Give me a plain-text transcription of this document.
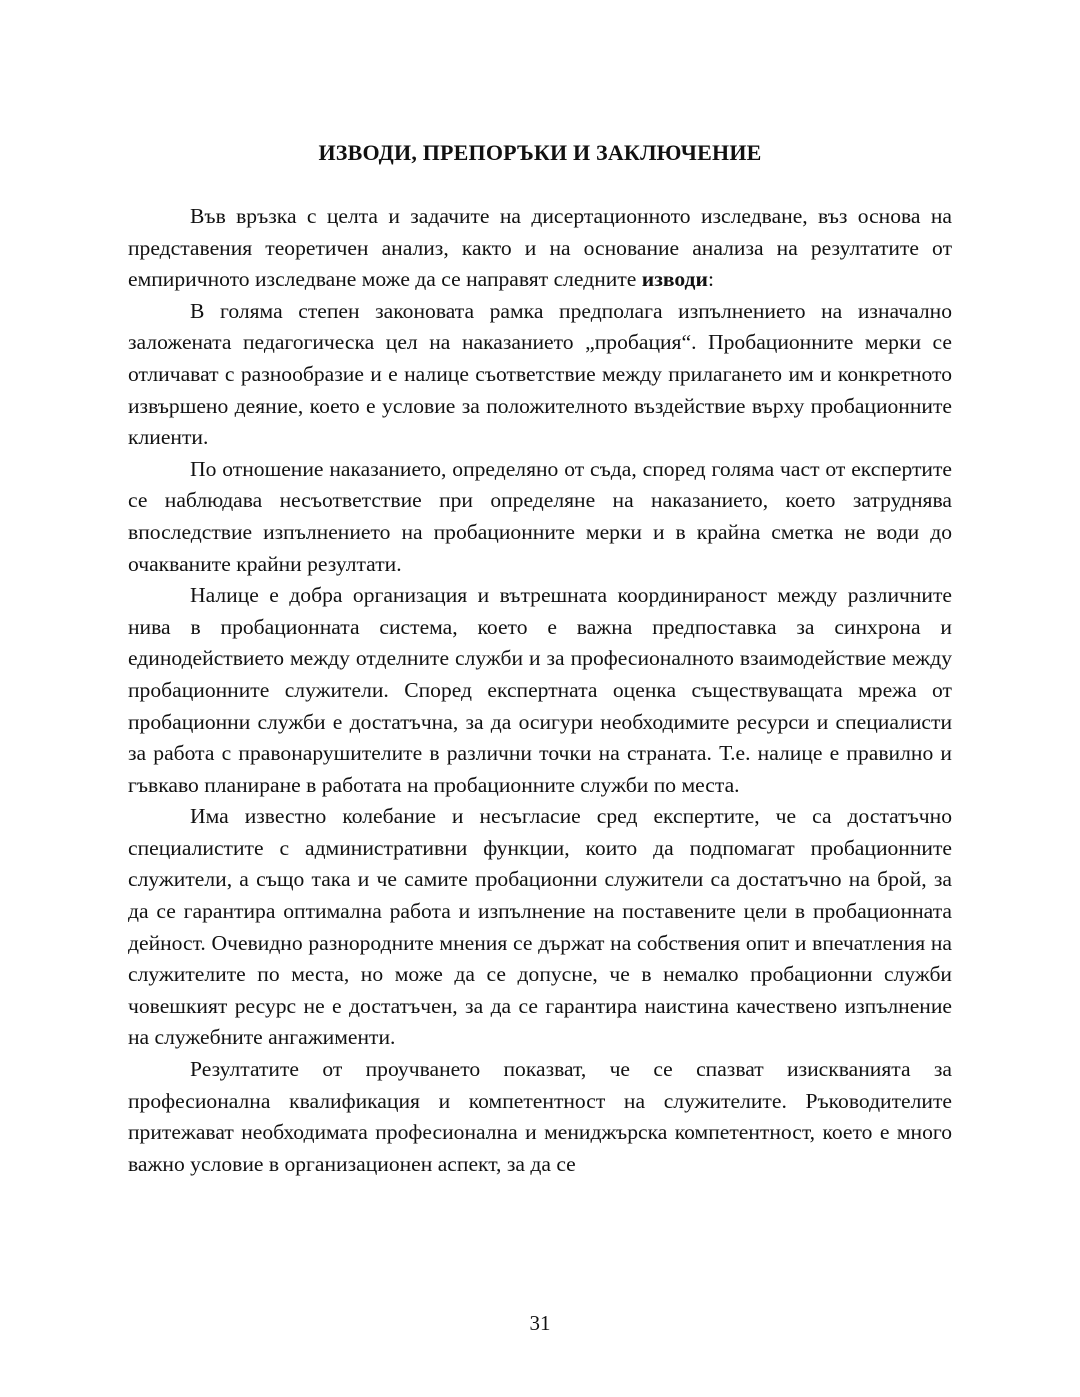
ИЗВОДИ, ПРЕПОРЪКИ И ЗАКЛЮЧЕНИЕ

Във връзка с целта и задачите на дисертационното изследване, въз основа на представения теоретичен анализ, както и на основание анализа на резултатите от емпиричното изследване може да се направят следните изводи:

В голяма степен законовата рамка предполага изпълнението на изначално заложената педагогическа цел на наказанието „пробация“. Пробационните мерки се отличават с разнообразие и е налице съответствие между прилагането им и конкретното извършено деяние, което е условие за положителното въздействие върху пробационните клиенти.

По отношение наказанието, определяно от съда, според голяма част от експертите се наблюдава несъответствие при определяне на наказанието, което затруднява впоследствие изпълнението на пробационните мерки и в крайна сметка не води до очакваните крайни резултати.

Налице е добра организация и вътрешната координираност между различните нива в пробационната система, което е важна предпоставка за синхрона и единодействието между отделните служби и за професионалното взаимодействие между пробационните служители. Според експертната оценка съществуващата мрежа от пробационни служби е достатъчна, за да осигури необходимите ресурси и специалисти за работа с правонарушителите в различни точки на страната. Т.е. налице е правилно и гъвкаво планиране в работата на пробационните служби по места.

Има известно колебание и несъгласие сред експертите, че са достатъчно специалистите с административни функции, които да подпомагат пробационните служители, а също така и че самите пробационни служители са достатъчно на брой, за да се гарантира оптимална работа и изпълнение на поставените цели в пробационната дейност. Очевидно разнородните мнения се държат на собствения опит и впечатления на служителите по места, но може да се допусне, че в немалко пробационни служби човешкият ресурс не е достатъчен, за да се гарантира наистина качествено изпълнение на служебните ангажименти.

Резултатите от проучването показват, че се спазват изискванията за професионална квалификация и компетентност на служителите. Ръководителите притежават необходимата професионална и мениджърска компетентност, което е много важно условие в организационен аспект, за да се

31
